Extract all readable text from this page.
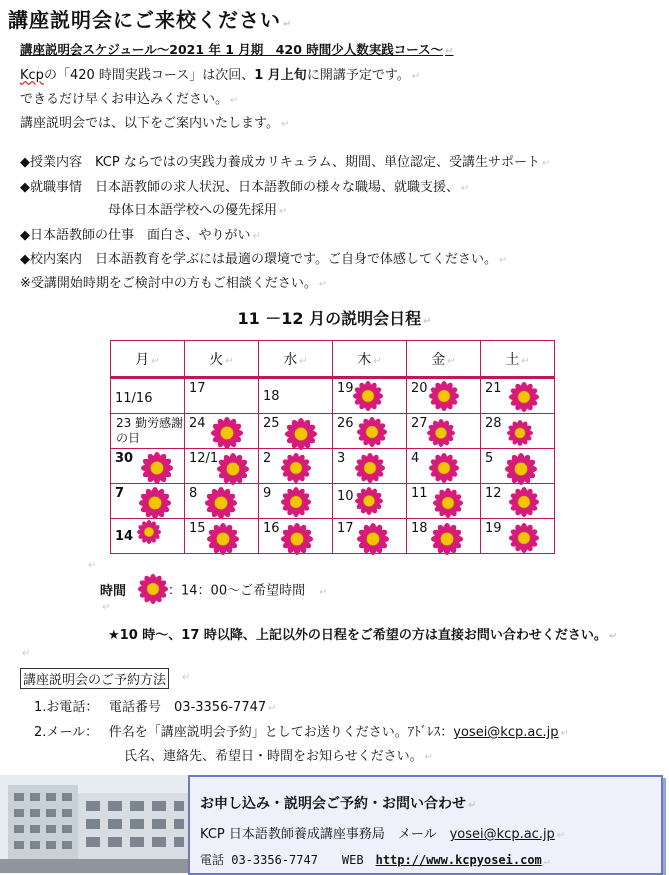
講座説明会にご来校ください ↵
講座説明会スケジュール〜2021 年 1 月期　420 時間少人数実践コース〜 ↵
Kcpの「420 時間実践コース」は次回、1 月上旬に開講予定です。 ↵
できるだけ早くお申込みください。 ↵
講座説明会では、以下をご案内いたします。 ↵
◆授業内容　KCP ならではの実践力養成カリキュラム、期間、単位認定、受講生サポート ↵
◆就職事情　日本語教師の求人状況、日本語教師の様々な職場、就職支援、 ↵
母体日本語学校への優先採用 ↵
◆日本語教師の仕事　面白さ、やりがい ↵
◆校内案内　日本語教育を学ぶには最適の環境です。ご自身で体感してください。 ↵
※受講開始時期をご検討中の方もご相談ください。 ↵
11 －12 月の説明会日程 ↵
月 ↵	火 ↵	水 ↵	木 ↵	金 ↵	土 ↵

11/16	17	18	19	20	21

23 勤労感謝の日	24	25	26	27	28

30	12/1	2	3	4	5

7	8	9	10	11	12

14	15	16	17	18	19
↵
時間	：14：00〜ご希望時間 ↵
↵
★10 時〜、17 時以降、上記以外の日程をご希望の方は直接お問い合わせください。 ↵
↵
講座説明会のご予約方法	↵
1.お電話：　 電話番号　03-3356-7747 ↵
2.メール：　 件名を「講座説明会予約」としてお送りください。ｱﾄﾞﾚｽ：yosei@kcp.ac.jp ↵
氏名、連絡先、希望日・時間をお知らせください。 ↵
お申し込み・説明会ご予約・お問い合わせ ↵
KCP 日本語教師養成講座事務局　メール　yosei@kcp.ac.jp ↵
電話 03-3356-7747　　WEB　http://www.kcpyosei.com ↵
